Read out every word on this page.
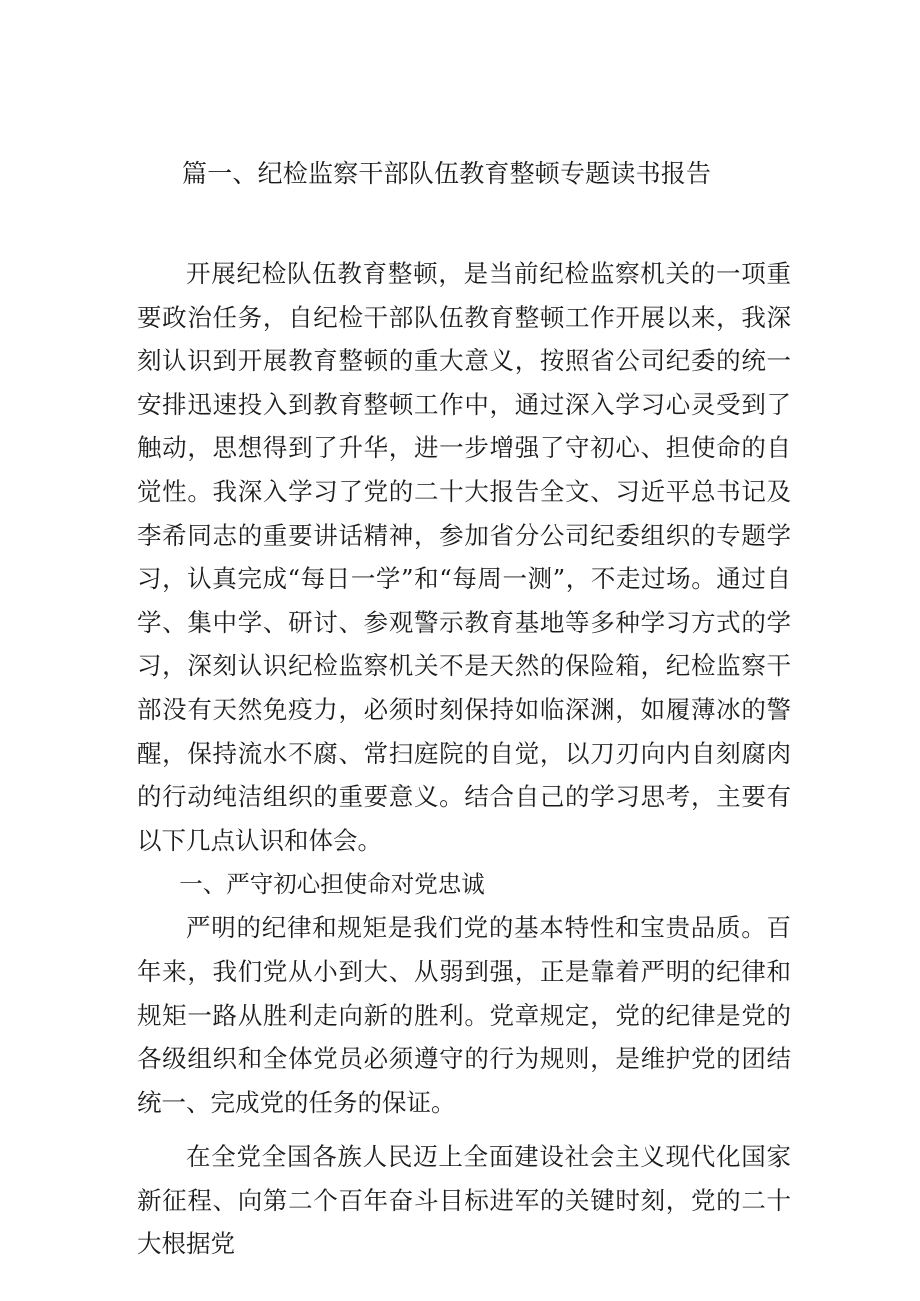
篇一、纪检监察干部队伍教育整顿专题读书报告

开展纪检队伍教育整顿，是当前纪检监察机关的一项重要政治任务，自纪检干部队伍教育整顿工作开展以来，我深刻认识到开展教育整顿的重大意义，按照省公司纪委的统一安排迅速投入到教育整顿工作中，通过深入学习心灵受到了触动，思想得到了升华，进一步增强了守初心、担使命的自觉性。我深入学习了党的二十大报告全文、习近平总书记及李希同志的重要讲话精神，参加省分公司纪委组织的专题学习，认真完成“每日一学”和“每周一测”，不走过场。通过自学、集中学、研讨、参观警示教育基地等多种学习方式的学习，深刻认识纪检监察机关不是天然的保险箱，纪检监察干部没有天然免疫力，必须时刻保持如临深渊，如履薄冰的警醒，保持流水不腐、常扫庭院的自觉，以刀刃向内自刻腐肉的行动纯洁组织的重要意义。结合自己的学习思考，主要有以下几点认识和体会。

一、严守初心担使命对党忠诚

严明的纪律和规矩是我们党的基本特性和宝贵品质。百年来，我们党从小到大、从弱到强，正是靠着严明的纪律和规矩一路从胜利走向新的胜利。党章规定，党的纪律是党的各级组织和全体党员必须遵守的行为规则，是维护党的团结统一、完成党的任务的保证。

在全党全国各族人民迈上全面建设社会主义现代化国家新征程、向第二个百年奋斗目标进军的关键时刻，党的二十大根据党
